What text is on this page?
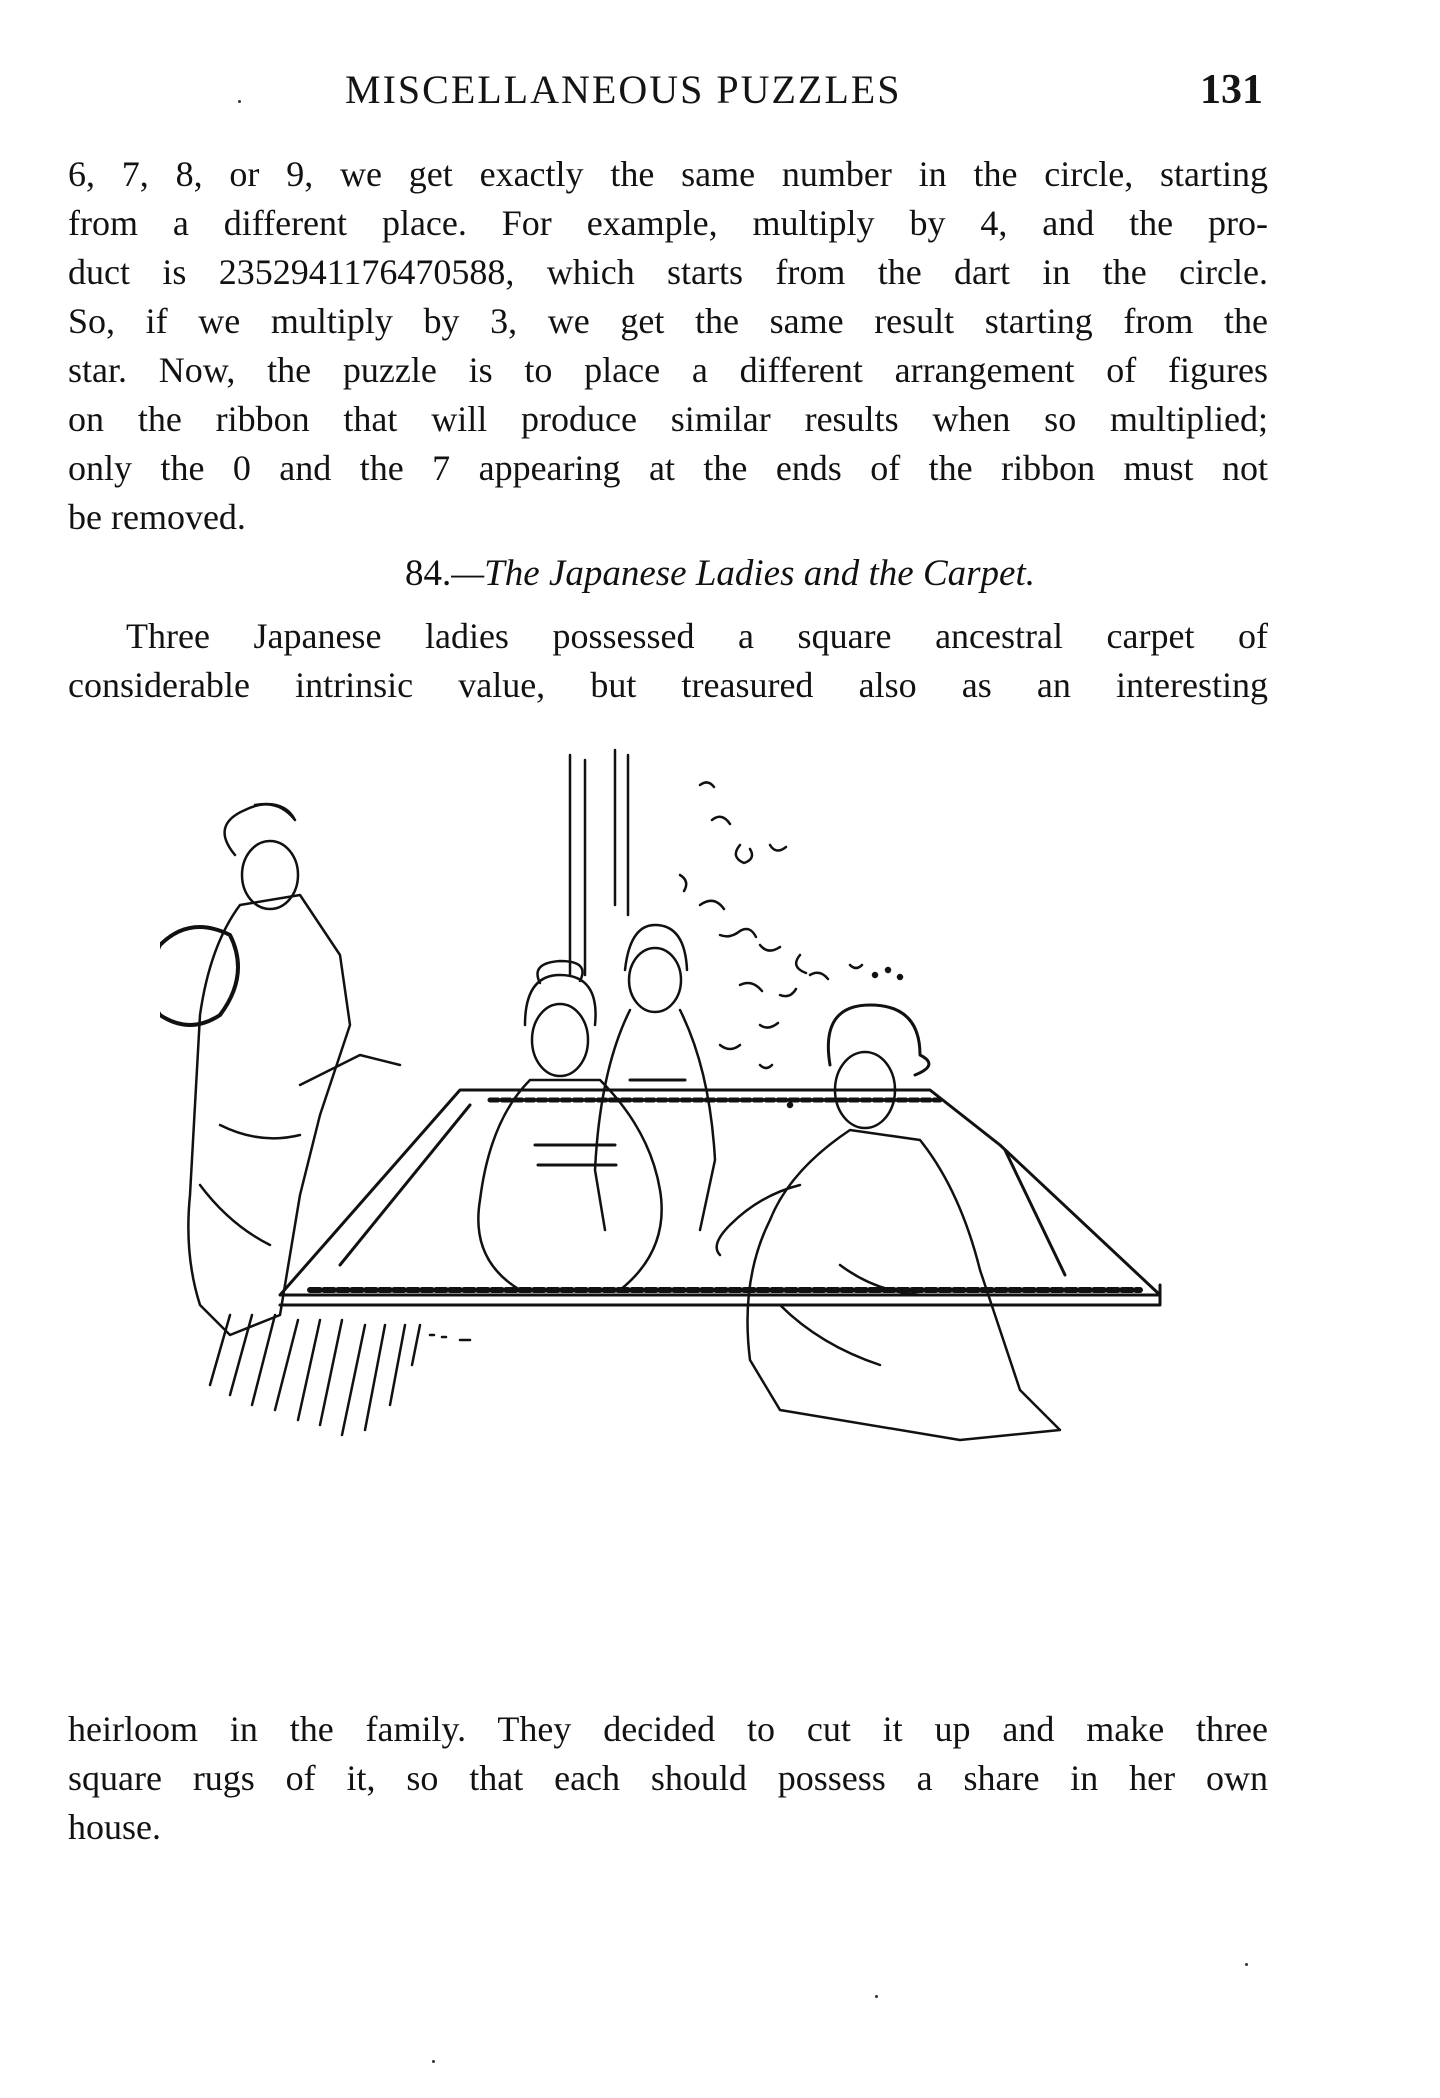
MISCELLANEOUS PUZZLES	131
6, 7, 8, or 9, we get exactly the same number in the circle, starting
from a different place. For example, multiply by 4, and the pro-
duct is 2352941176470588, which starts from the dart in the circle.
So, if we multiply by 3, we get the same result starting from the
star. Now, the puzzle is to place a different arrangement of figures
on the ribbon that will produce similar results when so multiplied;
only the 0 and the 7 appearing at the ends of the ribbon must not
be removed.
84.—The Japanese Ladies and the Carpet.
Three Japanese ladies possessed a square ancestral carpet of
considerable intrinsic value, but treasured also as an interesting
heirloom in the family. They decided to cut it up and make three
square rugs of it, so that each should possess a share in her own
house.
